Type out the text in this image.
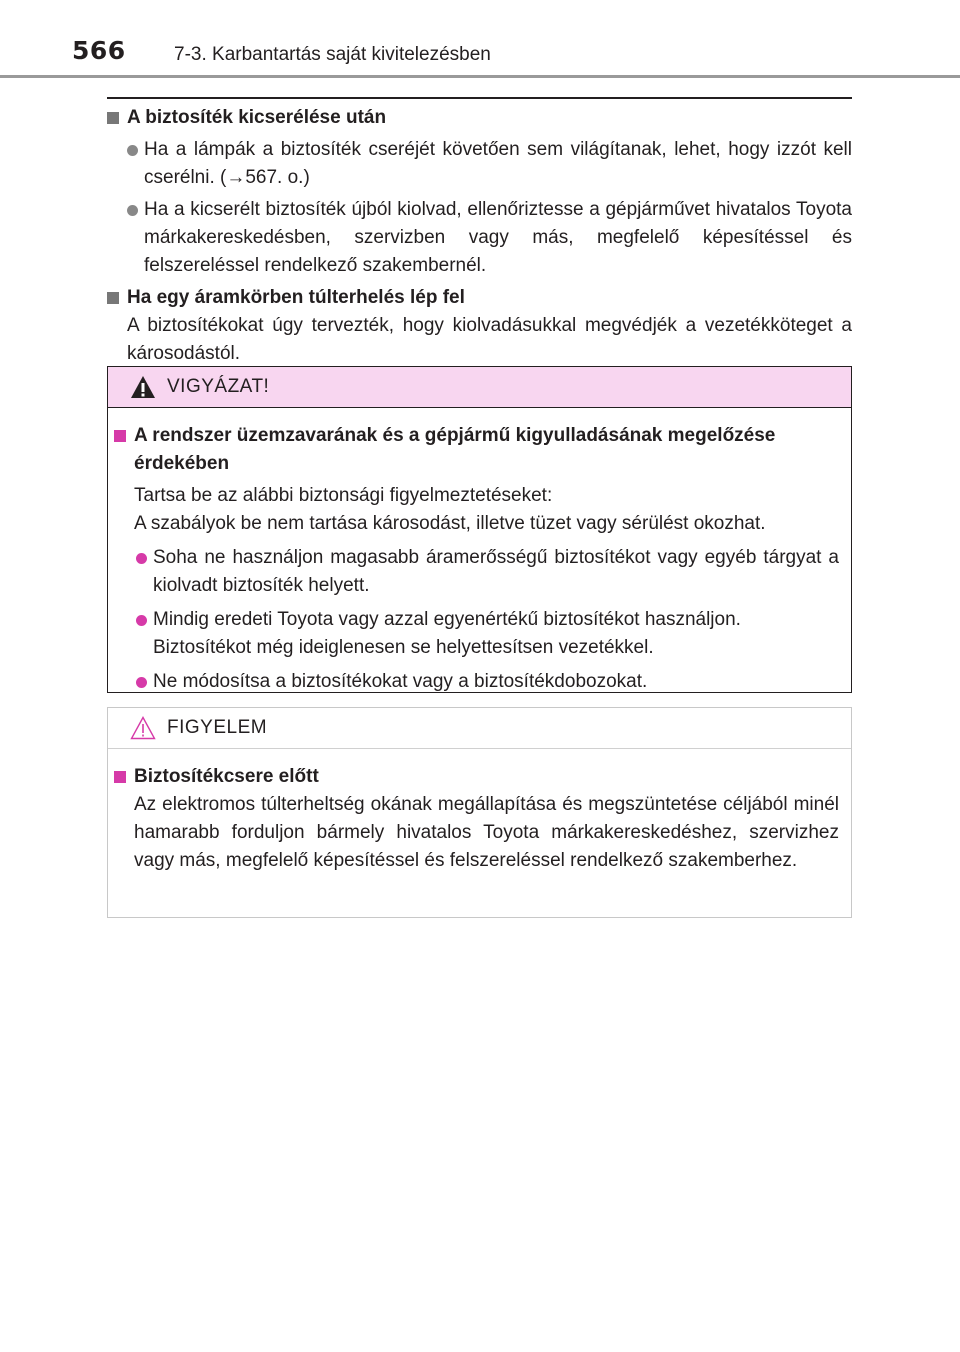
566	7-3. Karbantartás saját kivitelezésben
A biztosíték kicserélése után
Ha a lámpák a biztosíték cseréjét követően sem világítanak, lehet, hogy izzót kell cserélni. (→567. o.)
Ha a kicserélt biztosíték újból kiolvad, ellenőriztesse a gépjárművet hivatalos Toyota márkakereskedésben, szervizben vagy más, megfelelő képesítéssel és felszereléssel rendelkező szakembernél.
Ha egy áramkörben túlterhelés lép fel
A biztosítékokat úgy tervezték, hogy kiolvadásukkal megvédjék a vezetékköteget a károsodástól.
VIGYÁZAT!
A rendszer üzemzavarának és a gépjármű kigyulladásának megelőzése érdekében
Tartsa be az alábbi biztonsági figyelmeztetéseket:
A szabályok be nem tartása károsodást, illetve tüzet vagy sérülést okozhat.
Soha ne használjon magasabb áramerősségű biztosítékot vagy egyéb tárgyat a kiolvadt biztosíték helyett.
Mindig eredeti Toyota vagy azzal egyenértékű biztosítékot használjon. Biztosítékot még ideiglenesen se helyettesítsen vezetékkel.
Ne módosítsa a biztosítékokat vagy a biztosítékdobozokat.
FIGYELEM
Biztosítékcsere előtt
Az elektromos túlterheltség okának megállapítása és megszüntetése céljából minél hamarabb forduljon bármely hivatalos Toyota márkakereskedéshez, szervizhez vagy más, megfelelő képesítéssel és felszereléssel rendelkező szakemberhez.
